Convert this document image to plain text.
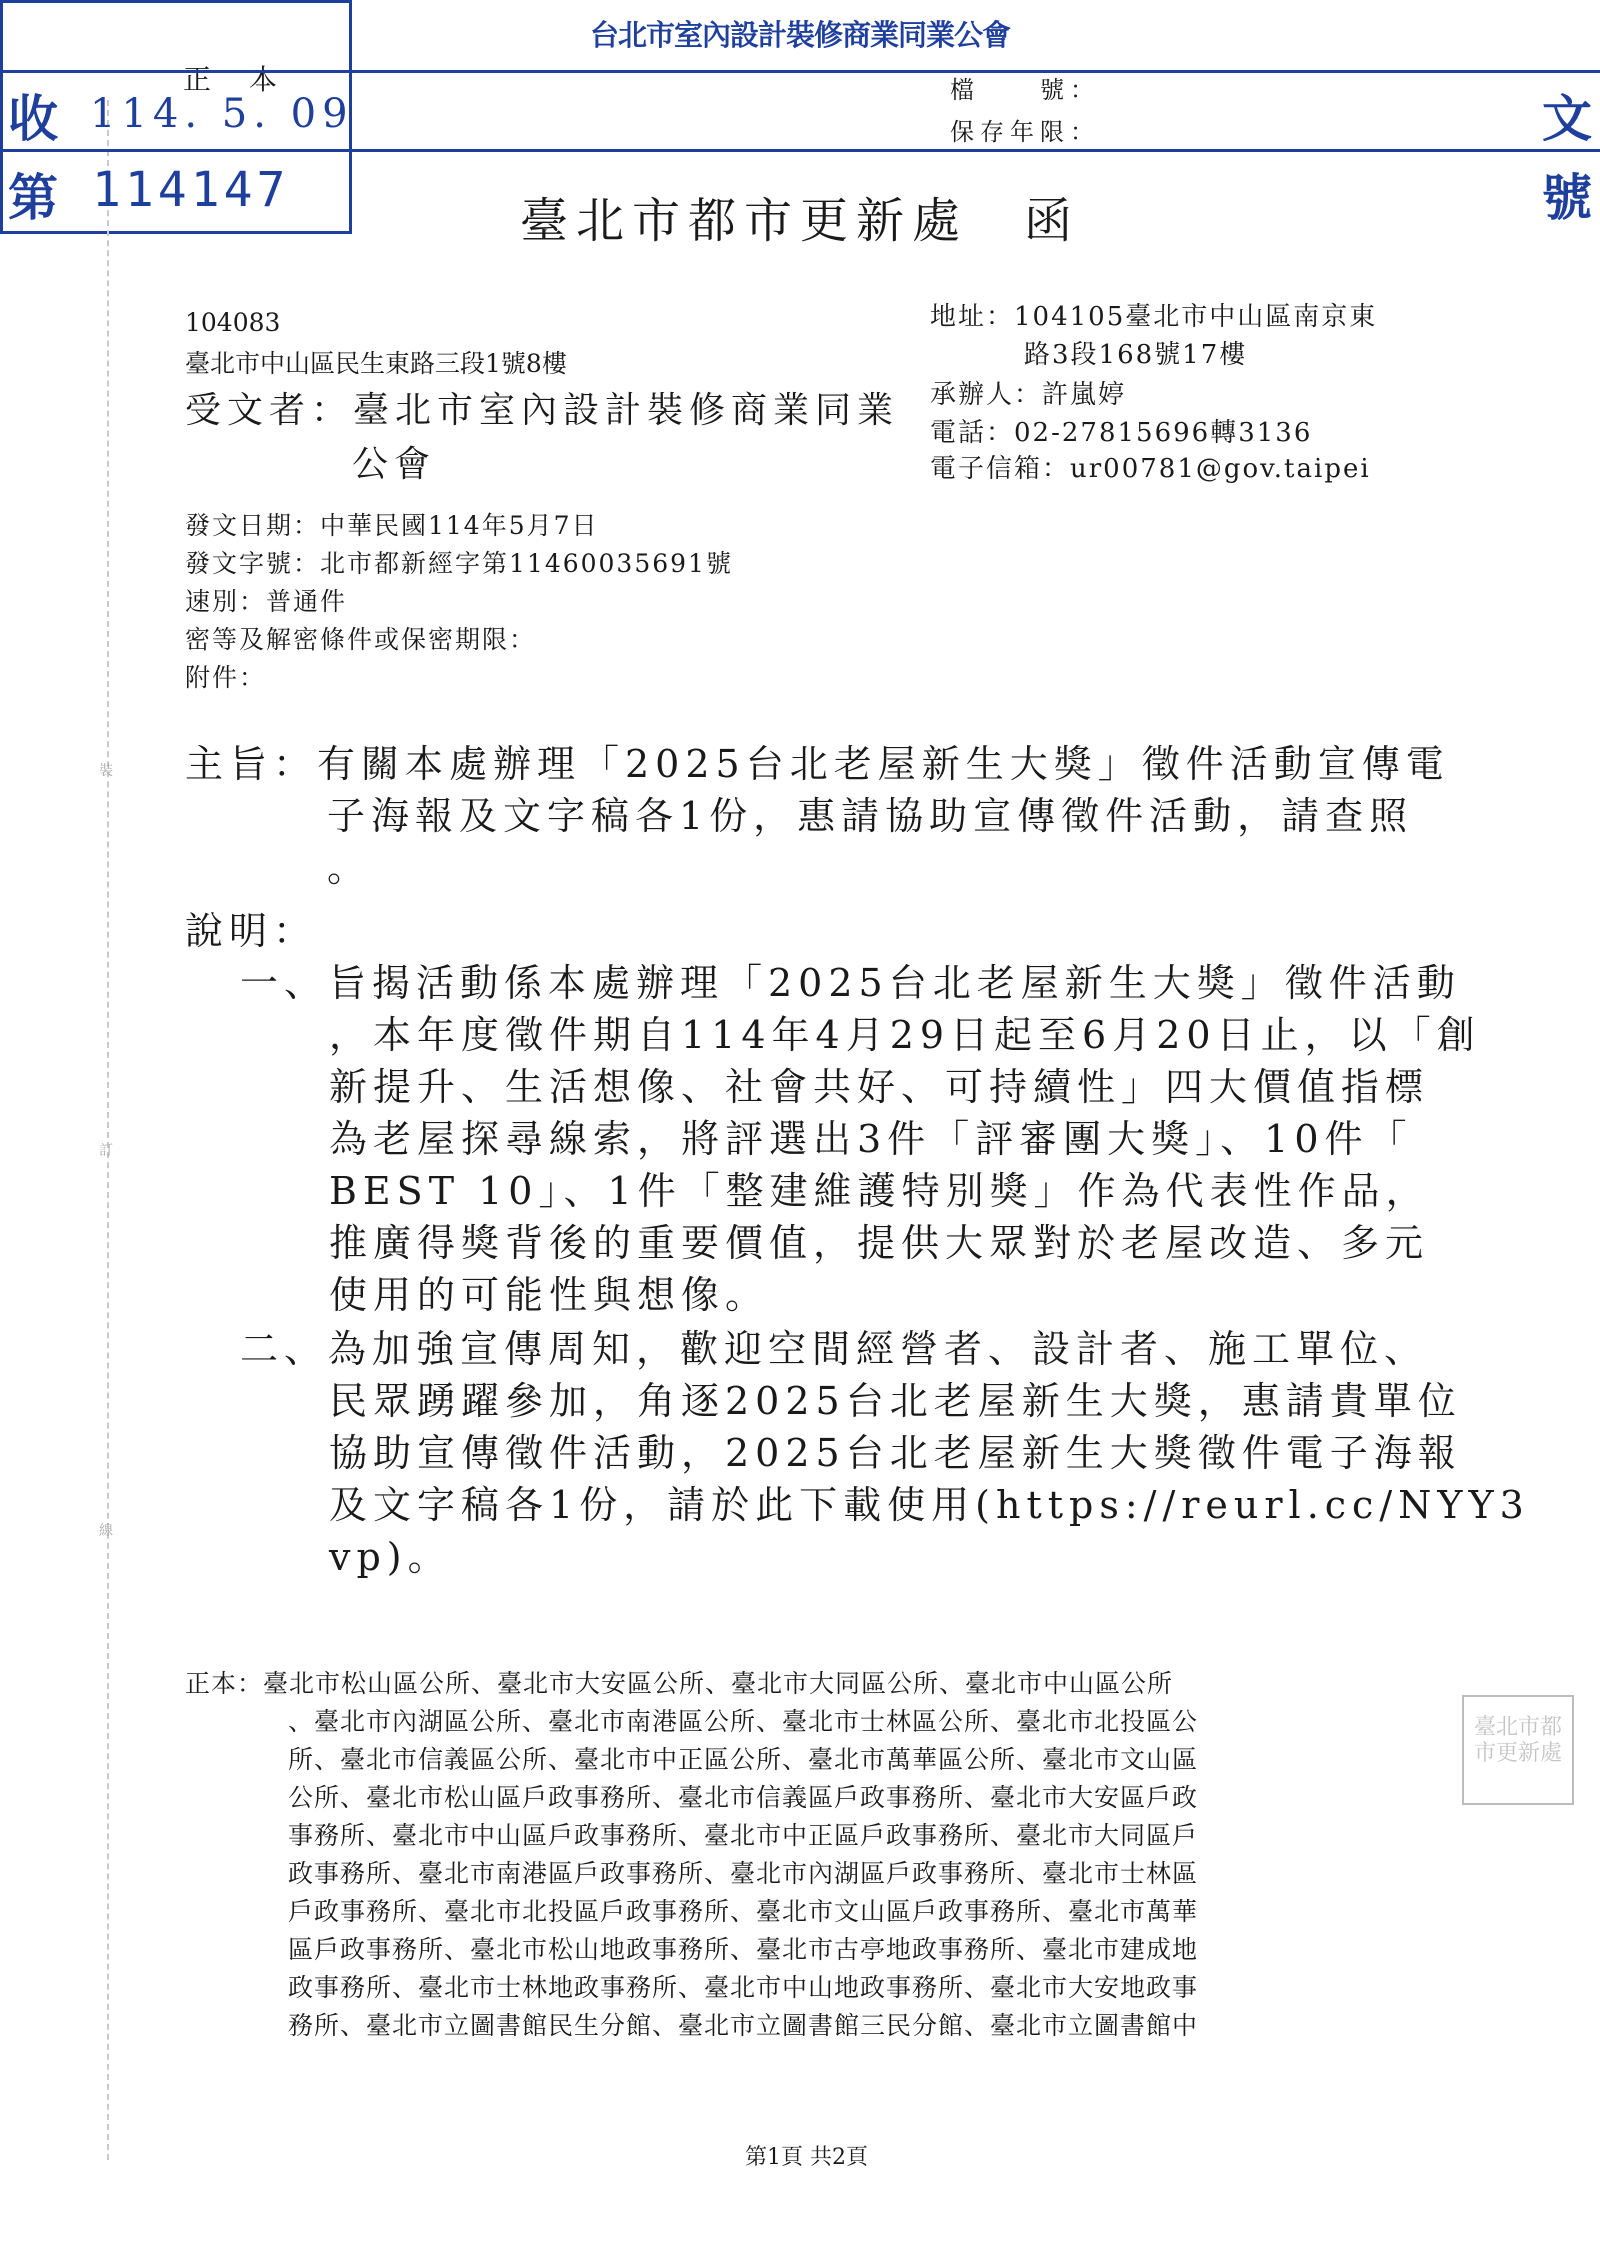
裝
訂
線
正本	檔　　號：
保存年限：
臺北市都市更新處　函
台北市室內設計裝修商業同業公會
收 114. 5. 09	文
第 114147	號
104083
臺北市中山區民生東路三段1號8樓
受文者：臺北市室內設計裝修商業同業
公會
地址：104105臺北市中山區南京東
路3段168號17樓
承辦人：許嵐婷
電話：02-27815696轉3136
電子信箱：ur00781@gov.taipei
發文日期：中華民國114年5月7日
發文字號：北市都新經字第11460035691號
速別：普通件
密等及解密條件或保密期限：
附件：
主旨：有關本處辦理「2025台北老屋新生大獎」徵件活動宣傳電
子海報及文字稿各1份，惠請協助宣傳徵件活動，請查照
。
說明：
一、旨揭活動係本處辦理「2025台北老屋新生大獎」徵件活動
，本年度徵件期自114年4月29日起至6月20日止，以「創
新提升、生活想像、社會共好、可持續性」四大價值指標
為老屋探尋線索，將評選出3件「評審團大獎」、10件「
BEST 10」、1件「整建維護特別獎」作為代表性作品，
推廣得獎背後的重要價值，提供大眾對於老屋改造、多元
使用的可能性與想像。
二、為加強宣傳周知，歡迎空間經營者、設計者、施工單位、
民眾踴躍參加，角逐2025台北老屋新生大獎，惠請貴單位
協助宣傳徵件活動，2025台北老屋新生大獎徵件電子海報
及文字稿各1份，請於此下載使用(https://reurl.cc/NYY3
vp)。
正本：臺北市松山區公所、臺北市大安區公所、臺北市大同區公所、臺北市中山區公所
、臺北市內湖區公所、臺北市南港區公所、臺北市士林區公所、臺北市北投區公
所、臺北市信義區公所、臺北市中正區公所、臺北市萬華區公所、臺北市文山區
公所、臺北市松山區戶政事務所、臺北市信義區戶政事務所、臺北市大安區戶政
事務所、臺北市中山區戶政事務所、臺北市中正區戶政事務所、臺北市大同區戶
政事務所、臺北市南港區戶政事務所、臺北市內湖區戶政事務所、臺北市士林區
戶政事務所、臺北市北投區戶政事務所、臺北市文山區戶政事務所、臺北市萬華
區戶政事務所、臺北市松山地政事務所、臺北市古亭地政事務所、臺北市建成地
政事務所、臺北市士林地政事務所、臺北市中山地政事務所、臺北市大安地政事
務所、臺北市立圖書館民生分館、臺北市立圖書館三民分館、臺北市立圖書館中
臺北市都市更新處
第1頁 共2頁
